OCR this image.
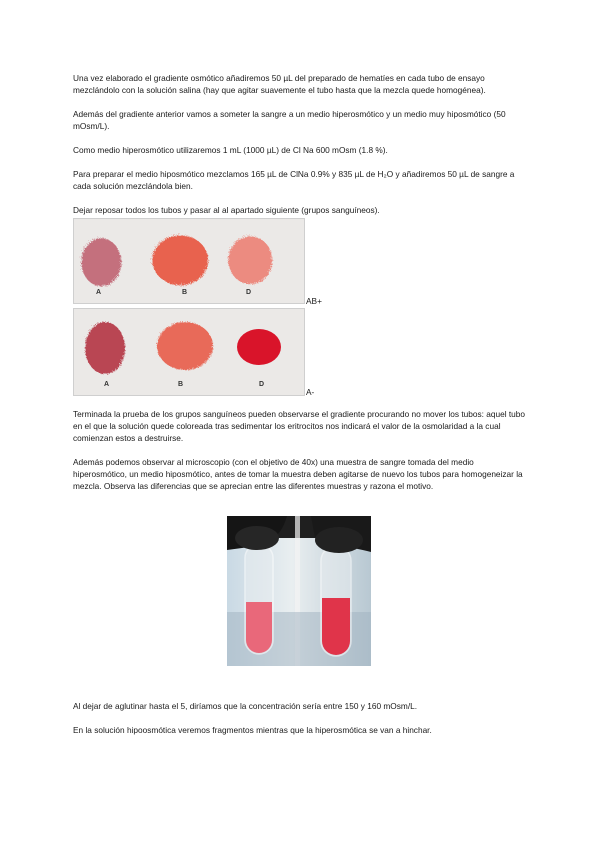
Una vez elaborado el gradiente osmótico añadiremos 50 µL del preparado de hematíes en cada tubo de ensayo mezclándolo con la solución salina (hay que agitar suavemente el tubo hasta que la mezcla quede homogénea).

Además del gradiente anterior vamos a someter la sangre a un medio hiperosmótico y un medio muy hiposmótico (50 mOsm/L).

Como medio hiperosmótico utilizaremos 1 mL (1000 µL) de Cl Na 600 mOsm (1.8 %).

Para preparar el medio hiposmótico mezclamos 165 µL de ClNa 0.9% y 835 µL de H₂O y añadiremos 50 µL de sangre a cada solución mezclándola bien.

Dejar reposar todos los tubos y pasar al al apartado siguiente (grupos sanguíneos).

A	B	D
AB+
A	B	D
A-

Terminada la prueba de los grupos sanguíneos pueden observarse el gradiente procurando no mover los tubos: aquel tubo en el que la solución quede coloreada tras sedimentar los eritrocitos nos indicará el valor de la osmolaridad a la cual comienzan estos a destruirse.

Además podemos observar al microscopio (con el objetivo de 40x) una muestra de sangre tomada del medio hiperosmótico, un medio hiposmótico, antes de tomar la muestra deben agitarse de nuevo los tubos para homogeneizar la mezcla. Observa las diferencias que se aprecian entre las diferentes muestras y razona el motivo.

Al dejar de aglutinar hasta el 5, diríamos que la concentración sería entre 150 y 160 mOsm/L.

En la solución hipoosmótica veremos fragmentos mientras que la hiperosmótica se van a hinchar.
